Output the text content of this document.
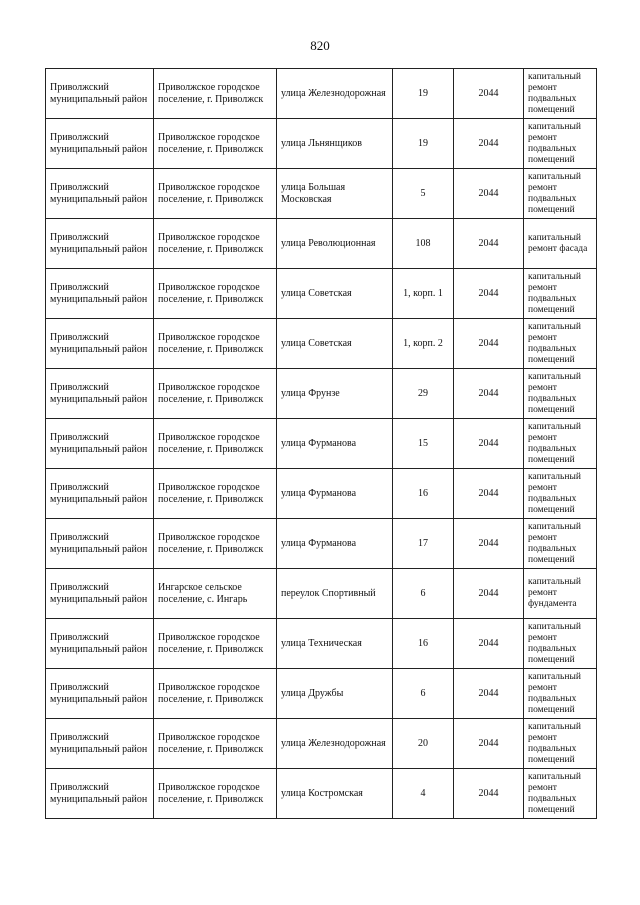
820
Приволжский муниципальный район	Приволжское городское поселение, г. Приволжск	улица Железнодорожная	19	2044	капитальный ремонт подвальных помещений
Приволжский муниципальный район	Приволжское городское поселение, г. Приволжск	улица Льнянщиков	19	2044	капитальный ремонт подвальных помещений
Приволжский муниципальный район	Приволжское городское поселение, г. Приволжск	улица Большая Московская	5	2044	капитальный ремонт подвальных помещений
Приволжский муниципальный район	Приволжское городское поселение, г. Приволжск	улица Революционная	108	2044	капитальный ремонт фасада
Приволжский муниципальный район	Приволжское городское поселение, г. Приволжск	улица Советская	1, корп. 1	2044	капитальный ремонт подвальных помещений
Приволжский муниципальный район	Приволжское городское поселение, г. Приволжск	улица Советская	1, корп. 2	2044	капитальный ремонт подвальных помещений
Приволжский муниципальный район	Приволжское городское поселение, г. Приволжск	улица Фрунзе	29	2044	капитальный ремонт подвальных помещений
Приволжский муниципальный район	Приволжское городское поселение, г. Приволжск	улица Фурманова	15	2044	капитальный ремонт подвальных помещений
Приволжский муниципальный район	Приволжское городское поселение, г. Приволжск	улица Фурманова	16	2044	капитальный ремонт подвальных помещений
Приволжский муниципальный район	Приволжское городское поселение, г. Приволжск	улица Фурманова	17	2044	капитальный ремонт подвальных помещений
Приволжский муниципальный район	Ингарское сельское поселение, с. Ингарь	переулок Спортивный	6	2044	капитальный ремонт фундамента
Приволжский муниципальный район	Приволжское городское поселение, г. Приволжск	улица Техническая	16	2044	капитальный ремонт подвальных помещений
Приволжский муниципальный район	Приволжское городское поселение, г. Приволжск	улица Дружбы	6	2044	капитальный ремонт подвальных помещений
Приволжский муниципальный район	Приволжское городское поселение, г. Приволжск	улица Железнодорожная	20	2044	капитальный ремонт подвальных помещений
Приволжский муниципальный район	Приволжское городское поселение, г. Приволжск	улица Костромская	4	2044	капитальный ремонт подвальных помещений
